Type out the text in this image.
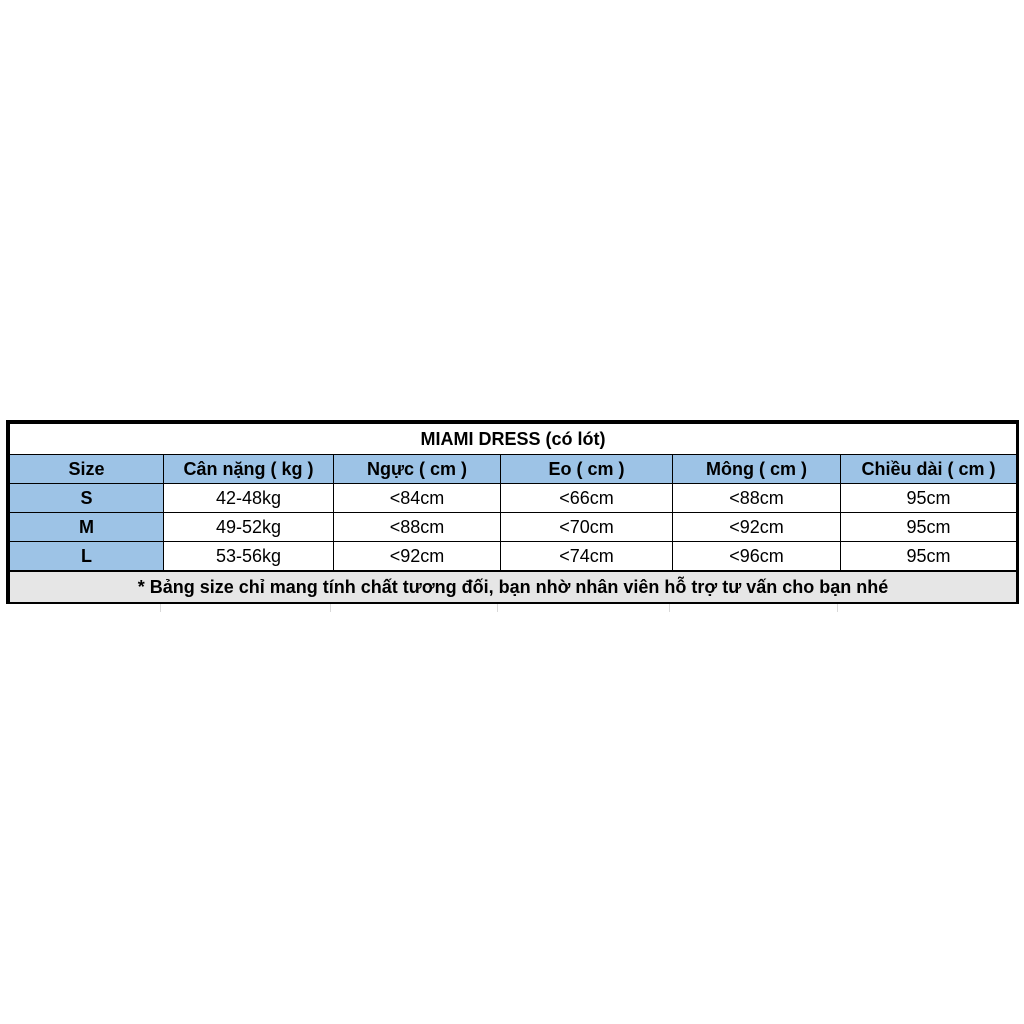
MIAMI DRESS (có lót)					
Size	Cân nặng ( kg )	Ngực ( cm )	Eo ( cm )	Mông ( cm )	Chiều dài ( cm )
S	42-48kg	<84cm	<66cm	<88cm	95cm
M	49-52kg	<88cm	<70cm	<92cm	95cm
L	53-56kg	<92cm	<74cm	<96cm	95cm
* Bảng size chỉ mang tính chất tương đối, bạn nhờ nhân viên hỗ trợ tư vấn cho bạn nhé					
